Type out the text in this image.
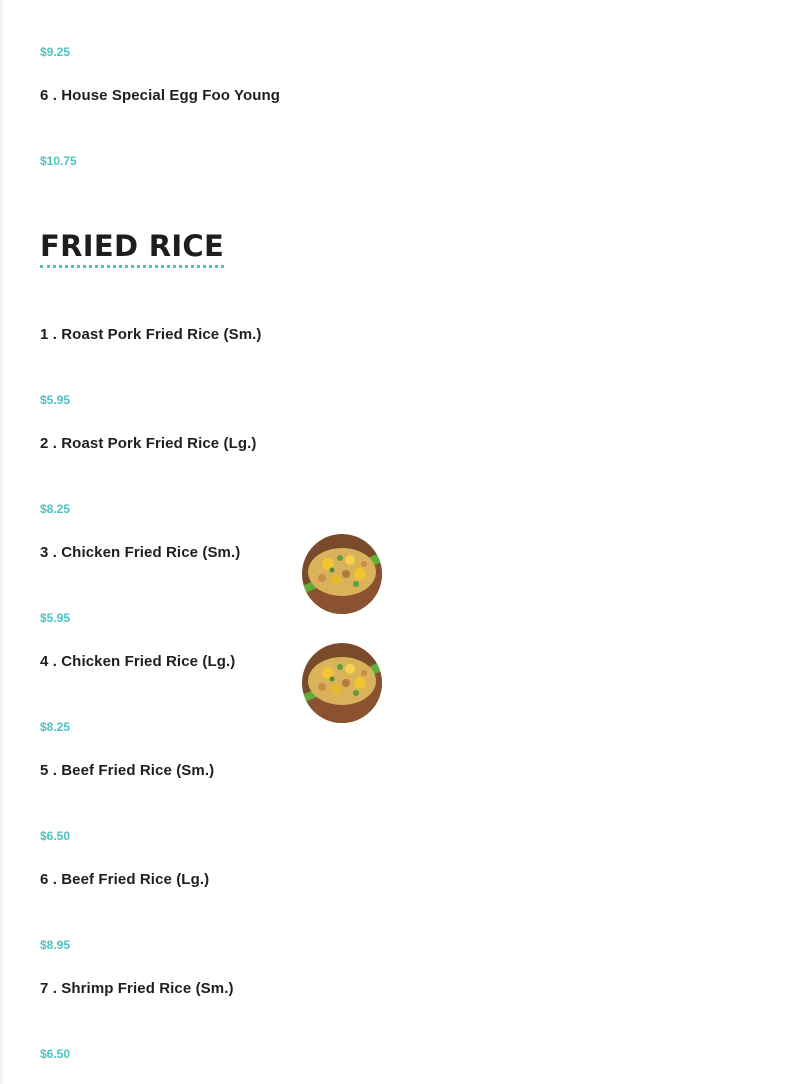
$9.25
6 . House Special Egg Foo Young
$10.75
FRIED RICE
1 . Roast Pork Fried Rice (Sm.)
$5.95
2 . Roast Pork Fried Rice (Lg.)
$8.25
3 . Chicken Fried Rice (Sm.)
$5.95
4 . Chicken Fried Rice (Lg.)
$8.25
5 . Beef Fried Rice (Sm.)
$6.50
6 . Beef Fried Rice (Lg.)
$8.95
7 . Shrimp Fried Rice (Sm.)
$6.50
